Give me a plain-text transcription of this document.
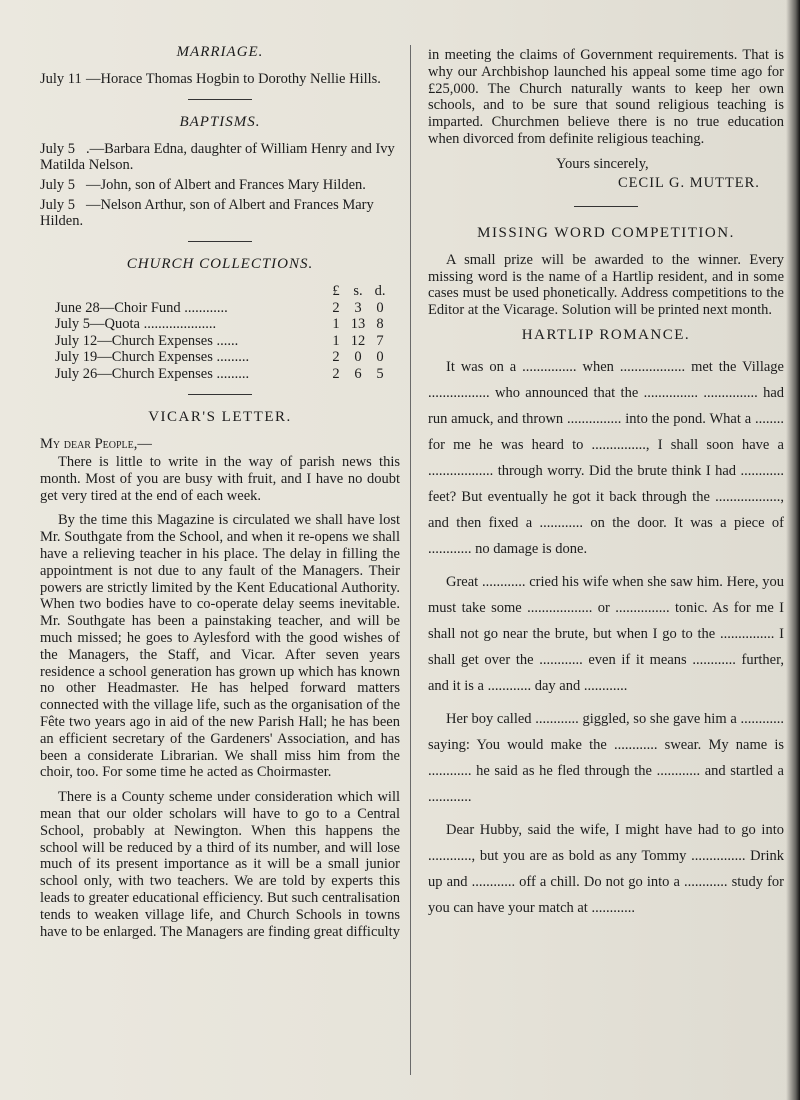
MARRIAGE.
July 11 —Horace Thomas Hogbin to Dorothy Nellie Hills.
BAPTISMS.
July 5 .—Barbara Edna, daughter of William Henry and Ivy Matilda Nelson.
July 5 —John, son of Albert and Frances Mary Hilden.
July 5 —Nelson Arthur, son of Albert and Frances Mary Hilden.
CHURCH COLLECTIONS.
	£	s.	d.
June 28—Choir Fund ............	2	3	0
July 5—Quota ....................	1	13	8
July 12—Church Expenses ......	1	12	7
July 19—Church Expenses .........	2	0	0
July 26—Church Expenses .........	2	6	5
VICAR'S LETTER.
My dear People,—

There is little to write in the way of parish news this month. Most of you are busy with fruit, and I have no doubt get very tired at the end of each week.

By the time this Magazine is circulated we shall have lost Mr. Southgate from the School, and when it re-opens we shall have a relieving teacher in his place. The delay in filling the appointment is not due to any fault of the Managers. Their powers are strictly limited by the Kent Educational Authority. When two bodies have to co-operate delay seems inevitable. Mr. Southgate has been a painstaking teacher, and will be much missed; he goes to Aylesford with the good wishes of the Managers, the Staff, and Vicar. After seven years residence a school generation has grown up which has known no other Headmaster. He has helped forward matters connected with the village life, such as the organisation of the Fête two years ago in aid of the new Parish Hall; he has been an efficient secretary of the Gardeners' Association, and has been a considerate Librarian. We shall miss him from the choir, too. For some time he acted as Choirmaster.

There is a County scheme under consideration which will mean that our older scholars will have to go to a Central School, probably at Newington. When this happens the school will be reduced by a third of its number, and will lose much of its present importance as it will be a small junior school only, with two teachers. We are told by experts this leads to greater educational efficiency. But such centralisation tends to weaken village life, and Church Schools in towns have to be enlarged. The Managers are finding great difficulty

in meeting the claims of Government requirements. That is why our Archbishop launched his appeal some time ago for £25,000. The Church naturally wants to keep her own schools, and to be sure that sound religious teaching is imparted. Churchmen believe there is no true education when divorced from definite religious teaching.

Yours sincerely,
CECIL G. MUTTER.
MISSING WORD COMPETITION.

A small prize will be awarded to the winner. Every missing word is the name of a Hartlip resident, and in some cases must be used phonetically. Address competitions to the Editor at the Vicarage. Solution will be printed next month.

HARTLIP ROMANCE.

It was on a ............... when .................. met the Village ................. who announced that the ............... ............... had run amuck, and thrown ............... into the pond. What a ........ for me he was heard to ..............., I shall soon have a .................. through worry. Did the brute think I had ............ feet? But eventually he got it back through the .................., and then fixed a ............ on the door. It was a piece of ............ no damage is done.

Great ............ cried his wife when she saw him. Here, you must take some .................. or ............... tonic. As for me I shall not go near the brute, but when I go to the ............... I shall get over the ............ even if it means ............ further, and it is a ............ day and ............

Her boy called ............ giggled, so she gave him a ............ saying: You would make the ............ swear. My name is ............ he said as he fled through the ............ and startled a ............

Dear Hubby, said the wife, I might have had to go into ............, but you are as bold as any Tommy ............... Drink up and ............ off a chill. Do not go into a ............ study for you can have your match at ............
